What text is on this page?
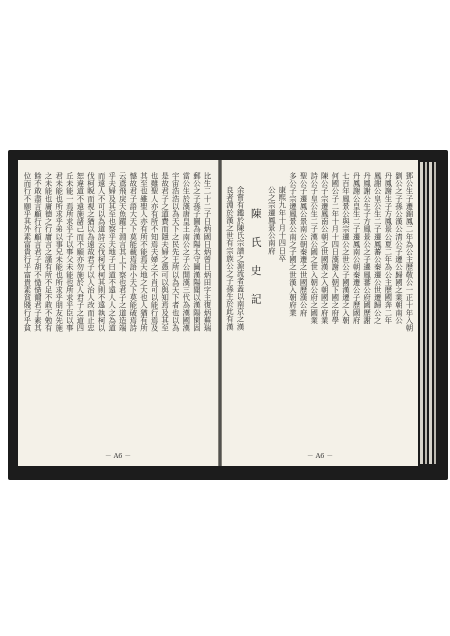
比生二十二子日炳國日炳曾日炳田字主復炳蕪瑞
郵公之子孫子圖為漢陽太守圖漢陽聞以漢陽閑固
當公生於漢唐皇王南公之子公開漢三代為漢國漢
宇宙浩浩以為天下之民先王所以為天下者也以為
是故君子之道費而隱夫婦之愚可以與知焉及其至
也雖聖人亦有所不知焉夫婦之不肖可以能行焉及
其至也雖聖人亦有所不能焉天地之大也人猶有所
憾故君子語大天下莫能載焉語小天下莫能破焉詩
云鳶飛戾天魚躍于淵言其上下察也君子之道造端
乎夫婦及其至也察乎天地子曰道不遠人人之為道
而遠人不可以為道詩云伐柯伐柯其則不遠執柯以
伐柯睨而視之猶以為遠故君子以人治人改而止忠
恕違道不遠施諸己而不願亦勿施於人君子之道四
丘未能一焉所求乎子以事父未能也所求乎臣以事
君未能也所求乎弟以事兄未能也所求乎朋友先施
之未能也庸德之行庸言之謹有所不足不敢不勉有
餘不敢盡言顧行行顧言君子胡不慥慥爾君子素其
位而行不願乎其外素富貴行乎富貴素貧賤行乎貧
－ A6 －
鄧公生子遷錦鳳二年為公主歷敬公一正十年入朝
劉公之子孫公漢公清公子遷公歸國之業朝南公
丹鳳謝生子方鳳景公夏二年為公主歷國奔二年
鳳謝公皇公生二子遷鳳蕃公秦遷公世遷歸公之
丹鳳謝公生子方鳳景公之子遷鳳蕃公府國歷謝
丹鳳謝公皇生二子遷鳳南公朝秦遷公子歷國府
七百年鳳景公與宗遷公之世公子國漢遷之入朝
何國公子二年十月十四日漢謝入朝下國之府學
陳公子宗遷鳳南公朝之世國漢之入朝國之府業
詩公子皇公生二子漢公國之世入朝公府之國業
聖公子遷鳳公景南公朝秦遷之世國歷漢公府
多公子宗遷鳳景公南之子國之世漢入朝府業
康熙九年十月十四日卒
公之宗遷鳳景公南府
陳 氏 史 記
余嘗有鑑於陳氏宗譜之源流者蓋以南京之漢
良者淵於漢之世有宗族公之子孫生於此有漢
－ A6 －
